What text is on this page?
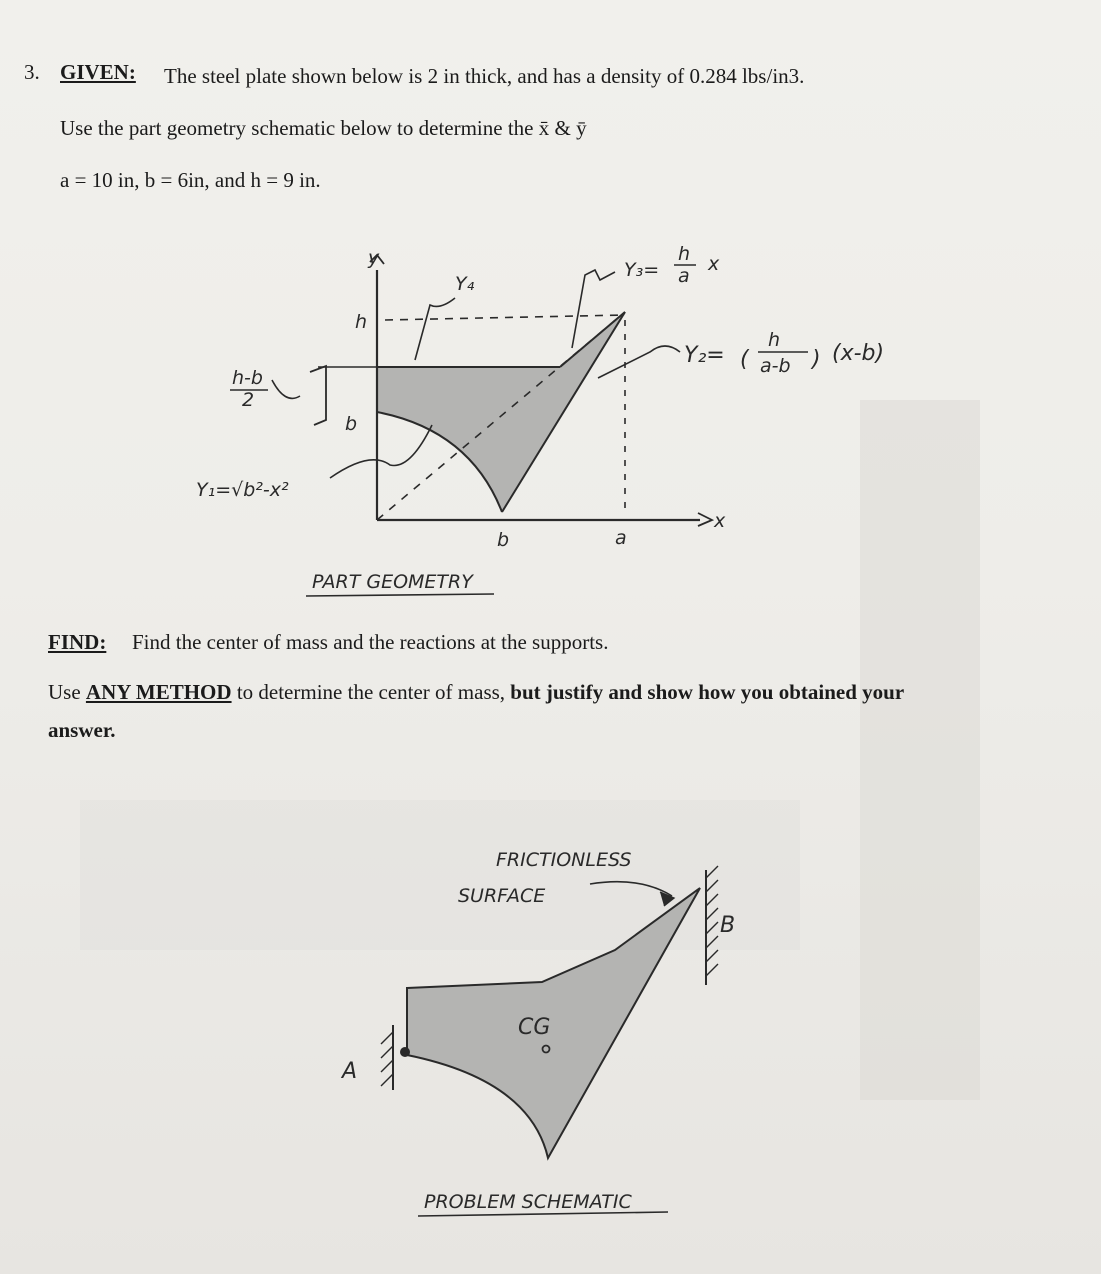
3. GIVEN: The steel plate shown below is 2 in thick, and has a density of 0.284 lbs/in3.
Use the part geometry schematic below to determine the x̄ & ȳ
a = 10 in, b = 6in, and h = 9 in.
FIND: Find the center of mass and the reactions at the supports.
Use ANY METHOD to determine the center of mass, but justify and show how you obtained your
answer.
y
x
h
b
b	a
h-b
2
Y₁=√b²-x²
Y₄
Y₃=
h
a
x
Y₂= (
h
a-b ) (x-b)
PART GEOMETRY
FRICTIONLESS
SURFACE
B
A
CG
PROBLEM SCHEMATIC
